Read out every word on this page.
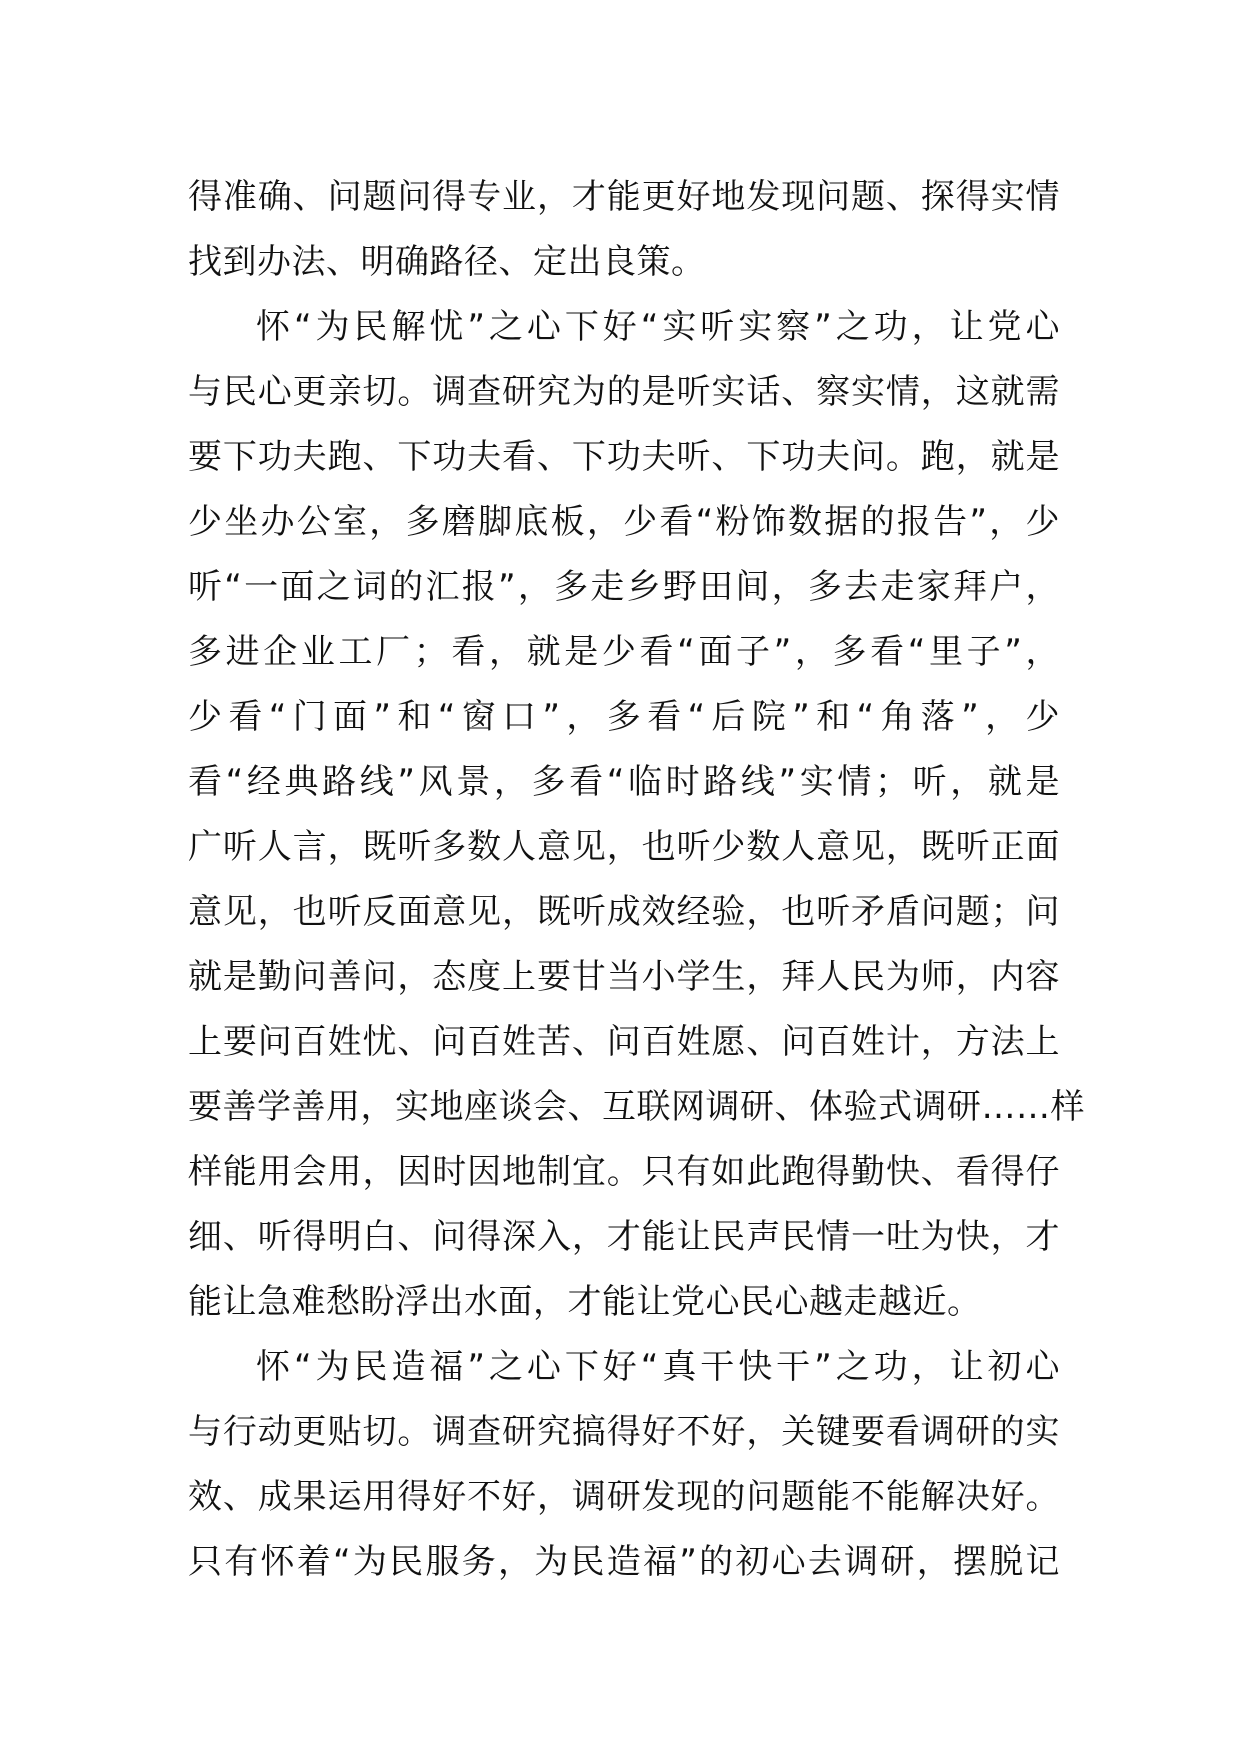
得准确、问题问得专业，才能更好地发现问题、探得实情
找到办法、明确路径、定出良策。
怀“为民解忧”之心下好“实听实察”之功，让党心
与民心更亲切。调查研究为的是听实话、察实情，这就需
要下功夫跑、下功夫看、下功夫听、下功夫问。跑，就是
少坐办公室，多磨脚底板，少看“粉饰数据的报告”，少
听“一面之词的汇报”，多走乡野田间，多去走家拜户，
多进企业工厂；看，就是少看“面子”，多看“里子”，
少看“门面”和“窗口”，多看“后院”和“角落”，少
看“经典路线”风景，多看“临时路线”实情；听，就是
广听人言，既听多数人意见，也听少数人意见，既听正面
意见，也听反面意见，既听成效经验，也听矛盾问题；问
就是勤问善问，态度上要甘当小学生，拜人民为师，内容
上要问百姓忧、问百姓苦、问百姓愿、问百姓计，方法上
要善学善用，实地座谈会、互联网调研、体验式调研……样
样能用会用，因时因地制宜。只有如此跑得勤快、看得仔
细、听得明白、问得深入，才能让民声民情一吐为快，才
能让急难愁盼浮出水面，才能让党心民心越走越近。
怀“为民造福”之心下好“真干快干”之功，让初心
与行动更贴切。调查研究搞得好不好，关键要看调研的实
效、成果运用得好不好，调研发现的问题能不能解决好。
只有怀着“为民服务，为民造福”的初心去调研，摆脱记
